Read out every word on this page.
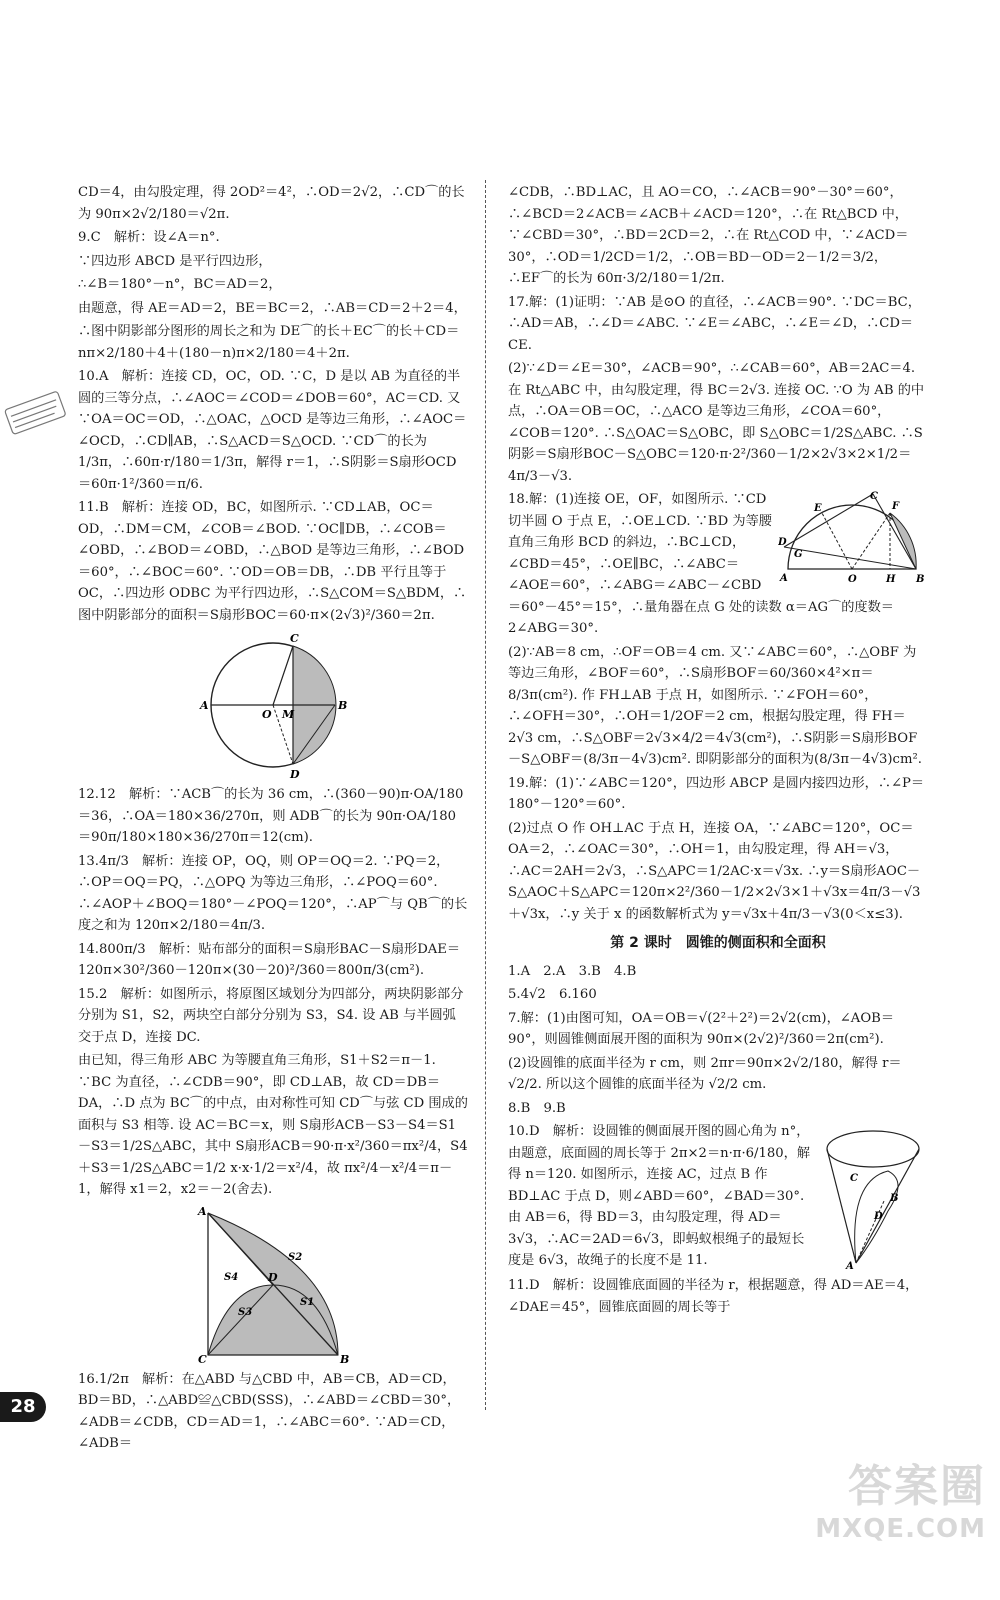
CD＝4，由勾股定理，得 2OD²＝4²，∴OD＝2√2，∴CD⌒的长为 90π×2√2/180＝√2π.

9.C　解析：设∠A＝n°.

∵四边形 ABCD 是平行四边形，

∴∠B＝180°－n°，BC＝AD＝2，

由题意，得 AE＝AD＝2，BE＝BC＝2，∴AB＝CD＝2＋2＝4，

∴图中阴影部分图形的周长之和为 DE⌒的长＋EC⌒的长＋CD＝ nπ×2/180＋4＋(180－n)π×2/180＝4＋2π.

10.A　解析：连接 CD，OC，OD. ∵C，D 是以 AB 为直径的半圆的三等分点，∴∠AOC＝∠COD＝∠DOB＝60°，AC＝CD. 又∵OA＝OC＝OD，∴△OAC，△OCD 是等边三角形，∴∠AOC＝∠OCD，∴CD∥AB，∴S△ACD＝S△OCD. ∵CD⌒的长为 1/3π，∴60π·r/180＝1/3π，解得 r＝1，∴S阴影＝S扇形OCD＝60π·1²/360＝π/6.

11.B　解析：连接 OD，BC，如图所示. ∵CD⊥AB，OC＝OD，∴DM＝CM，∠COB＝∠BOD. ∵OC∥DB，∴∠COB＝∠OBD，∴∠BOD＝∠OBD，∴△BOD 是等边三角形，∴∠BOD＝60°，∴∠BOC＝60°. ∵OD＝OB＝DB，∴DB 平行且等于 OC，∴四边形 ODBC 为平行四边形，∴S△COM＝S△BDM，∴图中阴影部分的面积＝S扇形BOC＝60·π×(2√3)²/360＝2π.

A
O M
B
C
D

12.12　解析：∵ACB⌒的长为 36 cm，∴(360－90)π·OA/180＝36，∴OA＝180×36/270π，则 ADB⌒的长为 90π·OA/180＝90π/180×180×36/270π＝12(cm).

13.4π/3　解析：连接 OP，OQ，则 OP＝OQ＝2. ∵PQ＝2，∴OP＝OQ＝PQ，∴△OPQ 为等边三角形，∴∠POQ＝60°. ∴∠AOP＋∠BOQ＝180°－∠POQ＝120°，∴AP⌒与 QB⌒的长度之和为 120π×2/180＝4π/3.

14.800π/3　解析：贴布部分的面积＝S扇形BAC－S扇形DAE＝120π×30²/360－120π×(30－20)²/360＝800π/3(cm²).

15.2　解析：如图所示，将原图区域划分为四部分，两块阴影部分分别为 S1，S2，两块空白部分分别为 S3，S4. 设 AB 与半圆弧交于点 D，连接 DC.

由已知，得三角形 ABC 为等腰直角三角形，S1＋S2＝π－1. ∵BC 为直径，∴∠CDB＝90°，即 CD⊥AB，故 CD＝DB＝DA，∴D 点为 BC⌒的中点，由对称性可知 CD⌒与弦 CD 围成的面积与 S3 相等. 设 AC＝BC＝x，则 S扇形ACB－S3－S4＝S1－S3＝1/2S△ABC，其中 S扇形ACB＝90·π·x²/360＝πx²/4，S4＋S3＝1/2S△ABC＝1/2 x·x·1/2＝x²/4，故 πx²/4－x²/4＝π－1，解得 x1＝2，x2＝－2(舍去).

A
S2
S4	D
S3
S1
C	B

16.1/2π　解析：在△ABD 与△CBD 中，AB＝CB，AD＝CD，BD＝BD，∴△ABD≌△CBD(SSS)，∴∠ABD＝∠CBD＝30°，∠ADB＝∠CDB，CD＝AD＝1，∴∠ABC＝60°. ∵AD＝CD，∠ADB＝

∠CDB，∴BD⊥AC，且 AO＝CO，∴∠ACB＝90°－30°＝60°，∴∠BCD＝2∠ACB＝∠ACB＋∠ACD＝120°，∴在 Rt△BCD 中，∵∠CBD＝30°，∴BD＝2CD＝2，∴在 Rt△COD 中，∵∠ACD＝30°，∴OD＝1/2CD＝1/2，∴OB＝BD－OD＝2－1/2＝3/2，∴EF⌒的长为 60π·3/2/180＝1/2π.

17.解：(1)证明：∵AB 是⊙O 的直径，∴∠ACB＝90°. ∵DC＝BC，∴AD＝AB，∴∠D＝∠ABC. ∵∠E＝∠ABC，∴∠E＝∠D，∴CD＝CE.

(2)∵∠D＝∠E＝30°，∠ACB＝90°，∴∠CAB＝60°，AB＝2AC＝4. 在 Rt△ABC 中，由勾股定理，得 BC＝2√3. 连接 OC. ∵O 为 AB 的中点，∴OA＝OB＝OC，∴△ACO 是等边三角形，∠COA＝60°，∠COB＝120°. ∴S△OAC＝S△OBC，即 S△OBC＝1/2S△ABC. ∴S阴影＝S扇形BOC－S△OBC＝120·π·2²/360－1/2×2√3×2×1/2＝4π/3－√3.

C
E	F
D
G
A	O	H B

18.解：(1)连接 OE，OF，如图所示. ∵CD 切半圆 O 于点 E，∴OE⊥CD. ∵BD 为等腰直角三角形 BCD 的斜边，∴BC⊥CD，∠CBD＝45°，∴OE∥BC，∴∠ABC＝∠AOE＝60°，∴∠ABG＝∠ABC－∠CBD＝60°－45°＝15°，∴量角器在点 G 处的读数 α＝AG⌒的度数＝2∠ABG＝30°.

(2)∵AB＝8 cm，∴OF＝OB＝4 cm. 又∵∠ABC＝60°，∴△OBF 为等边三角形，∠BOF＝60°，∴S扇形BOF＝60/360×4²×π＝8/3π(cm²). 作 FH⊥AB 于点 H，如图所示. ∵∠FOH＝60°，∴∠OFH＝30°，∴OH＝1/2OF＝2 cm，根据勾股定理，得 FH＝2√3 cm，∴S△OBF＝2√3×4/2＝4√3(cm²)，∴S阴影＝S扇形BOF－S△OBF＝(8/3π－4√3)cm². 即阴影部分的面积为(8/3π－4√3)cm².

19.解：(1)∵∠ABC＝120°，四边形 ABCP 是圆内接四边形，∴∠P＝180°－120°＝60°.

(2)过点 O 作 OH⊥AC 于点 H，连接 OA，∵∠ABC＝120°，OC＝OA＝2，∴∠OAC＝30°，∴OH＝1，由勾股定理，得 AH＝√3，∴AC＝2AH＝2√3，∴S△APC＝1/2AC·x＝√3x. ∴y＝S扇形AOC－S△AOC＋S△APC＝120π×2²/360－1/2×2√3×1＋√3x＝4π/3－√3＋√3x，∴y 关于 x 的函数解析式为 y＝√3x＋4π/3－√3(0＜x≤3).

第 2 课时　圆锥的侧面积和全面积

1.A　2.A　3.B　4.B

5.4√2　6.160

7.解：(1)由图可知，OA＝OB＝√(2²＋2²)＝2√2(cm)，∠AOB＝90°，则圆锥侧面展开图的面积为 90π×(2√2)²/360＝2π(cm²).

(2)设圆锥的底面半径为 r cm，则 2πr＝90π×2√2/180，解得 r＝√2/2. 所以这个圆锥的底面半径为 √2/2 cm.

8.B　9.B

B
D
A
C

10.D　解析：设圆锥的侧面展开图的圆心角为 n°，由题意，底面圆的周长等于 2π×2＝n·π·6/180，解得 n＝120. 如图所示，连接 AC，过点 B 作 BD⊥AC 于点 D，则∠ABD＝60°，∠BAD＝30°. 由 AB＝6，得 BD＝3，由勾股定理，得 AD＝3√3，∴AC＝2AD＝6√3，即蚂蚁根绳子的最短长度是 6√3，故绳子的长度不是 11.

11.D　解析：设圆锥底面圆的半径为 r，根据题意，得 AD＝AE＝4，∠DAE＝45°，圆锥底面圆的周长等于

28
答案圈
MXQE.COM
